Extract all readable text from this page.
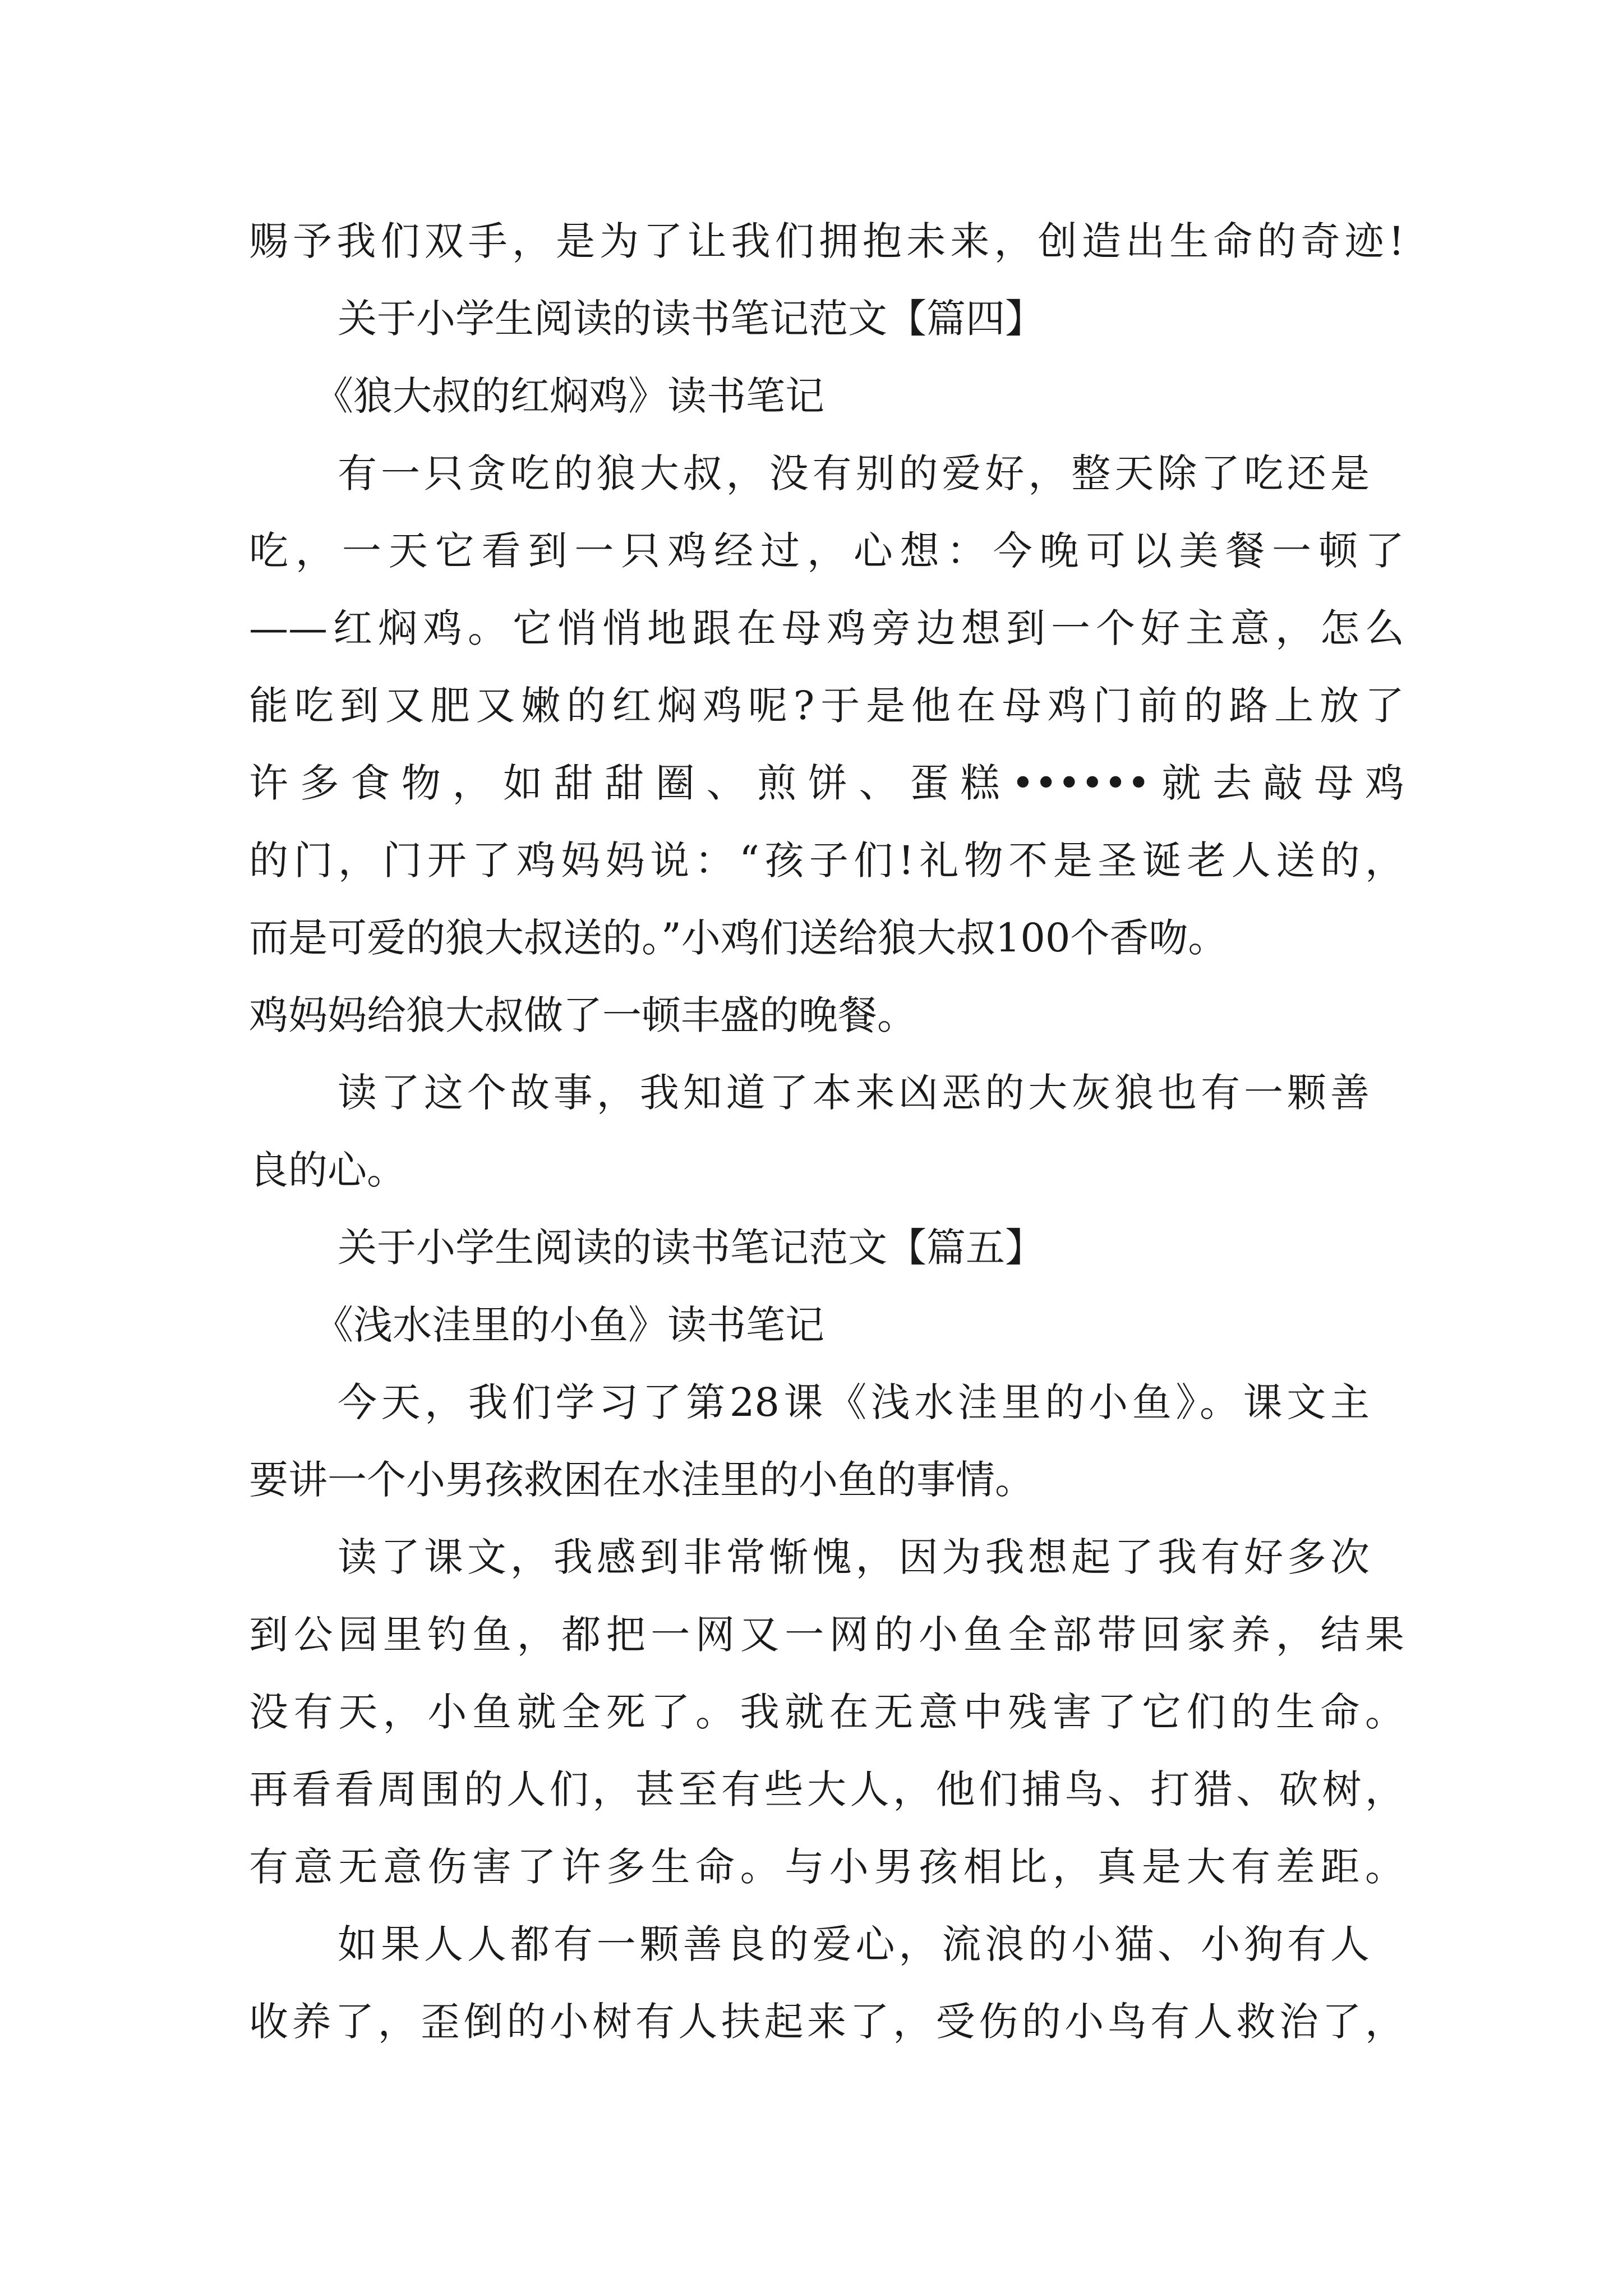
赐予我们双手，是为了让我们拥抱未来，创造出生命的奇迹!
关于小学生阅读的读书笔记范文【篇四】
《狼大叔的红焖鸡》读书笔记
有一只贪吃的狼大叔，没有别的爱好，整天除了吃还是
吃，一天它看到一只鸡经过，心想：今晚可以美餐一顿了
——红焖鸡。它悄悄地跟在母鸡旁边想到一个好主意，怎么
能吃到又肥又嫩的红焖鸡呢?于是他在母鸡门前的路上放了
许多食物，如甜甜圈、煎饼、蛋糕••••••就去敲母鸡
的门，门开了鸡妈妈说：“孩子们!礼物不是圣诞老人送的，
而是可爱的狼大叔送的。”小鸡们送给狼大叔100个香吻。
鸡妈妈给狼大叔做了一顿丰盛的晚餐。
读了这个故事，我知道了本来凶恶的大灰狼也有一颗善
良的心。
关于小学生阅读的读书笔记范文【篇五】
《浅水洼里的小鱼》读书笔记
今天，我们学习了第28课《浅水洼里的小鱼》。课文主
要讲一个小男孩救困在水洼里的小鱼的事情。
读了课文，我感到非常惭愧，因为我想起了我有好多次
到公园里钓鱼，都把一网又一网的小鱼全部带回家养，结果
没有天，小鱼就全死了。我就在无意中残害了它们的生命。
再看看周围的人们，甚至有些大人，他们捕鸟、打猎、砍树，
有意无意伤害了许多生命。与小男孩相比，真是大有差距。
如果人人都有一颗善良的爱心，流浪的小猫、小狗有人
收养了，歪倒的小树有人扶起来了，受伤的小鸟有人救治了，
